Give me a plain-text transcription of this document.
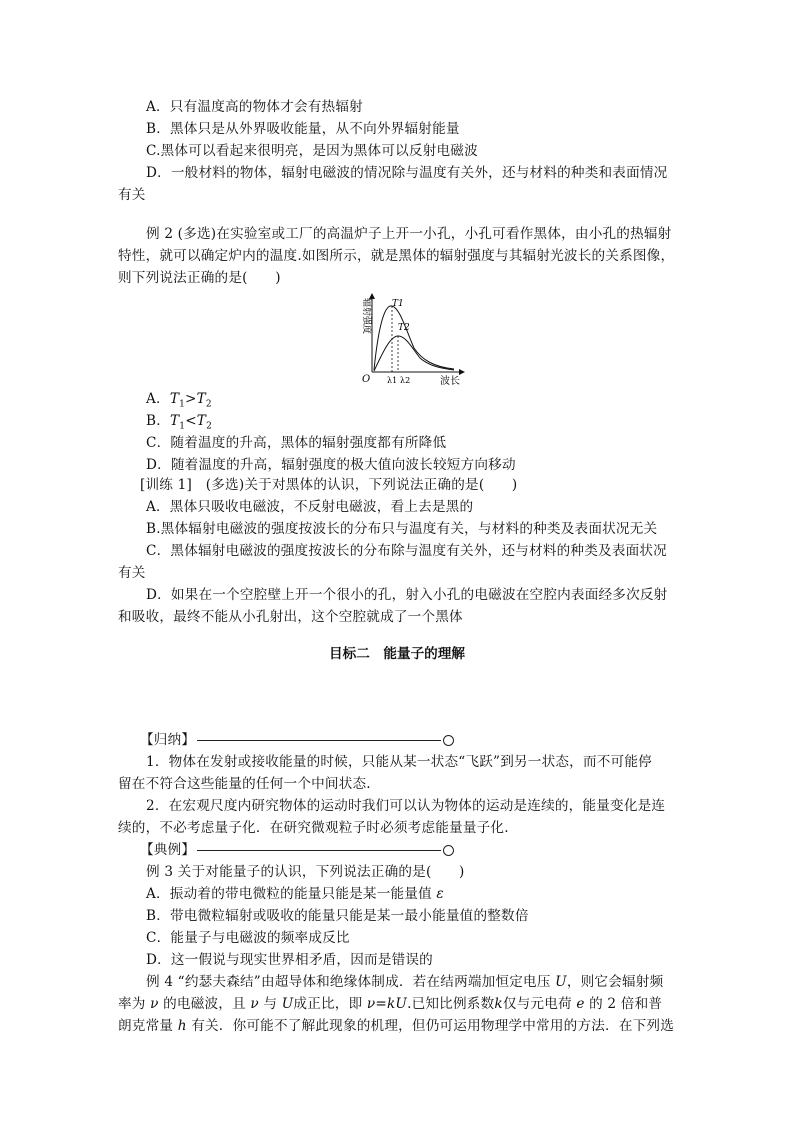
A．只有温度高的物体才会有热辐射
B．黑体只是从外界吸收能量，从不向外界辐射能量
C.黑体可以看起来很明亮，是因为黑体可以反射电磁波
D．一般材料的物体，辐射电磁波的情况除与温度有关外，还与材料的种类和表面情况
有关
例 2 (多选)在实验室或工厂的高温炉子上开一小孔，小孔可看作黑体，由小孔的热辐射
特性，就可以确定炉内的温度.如图所示，就是黑体的辐射强度与其辐射光波长的关系图像，
则下列说法正确的是(　　)
辐射强度
O
T1
T2
λ1 λ2	波长
A．$T_1>T_2$
B．$T_1<T_2$
C．随着温度的升高，黑体的辐射强度都有所降低
D．随着温度的升高，辐射强度的极大值向波长较短方向移动
[训练 1]　(多选)关于对黑体的认识，下列说法正确的是(　　)
A．黑体只吸收电磁波，不反射电磁波，看上去是黑的
B.黑体辐射电磁波的强度按波长的分布只与温度有关，与材料的种类及表面状况无关
C．黑体辐射电磁波的强度按波长的分布除与温度有关外，还与材料的种类及表面状况
有关
D．如果在一个空腔壁上开一个很小的孔，射入小孔的电磁波在空腔内表面经多次反射
和吸收，最终不能从小孔射出，这个空腔就成了一个黑体
目标二　能量子的理解
【归纳】
1．物体在发射或接收能量的时候，只能从某一状态“飞跃”到另一状态，而不可能停
留在不符合这些能量的任何一个中间状态.
2．在宏观尺度内研究物体的运动时我们可以认为物体的运动是连续的，能量变化是连
续的，不必考虑量子化．在研究微观粒子时必须考虑能量量子化.
【典例】
例 3 关于对能量子的认识，下列说法正确的是(　　)
A．振动着的带电微粒的能量只能是某一能量值 ε
B．带电微粒辐射或吸收的能量只能是某一最小能量值的整数倍
C．能量子与电磁波的频率成反比
D．这一假说与现实世界相矛盾，因而是错误的
例 4 “约瑟夫森结”由超导体和绝缘体制成．若在结两端加恒定电压 U，则它会辐射频
率为 ν 的电磁波，且 ν 与 U成正比，即 ν=kU.已知比例系数k仅与元电荷 e 的 2 倍和普
朗克常量 h 有关．你可能不了解此现象的机理，但仍可运用物理学中常用的方法．在下列选
